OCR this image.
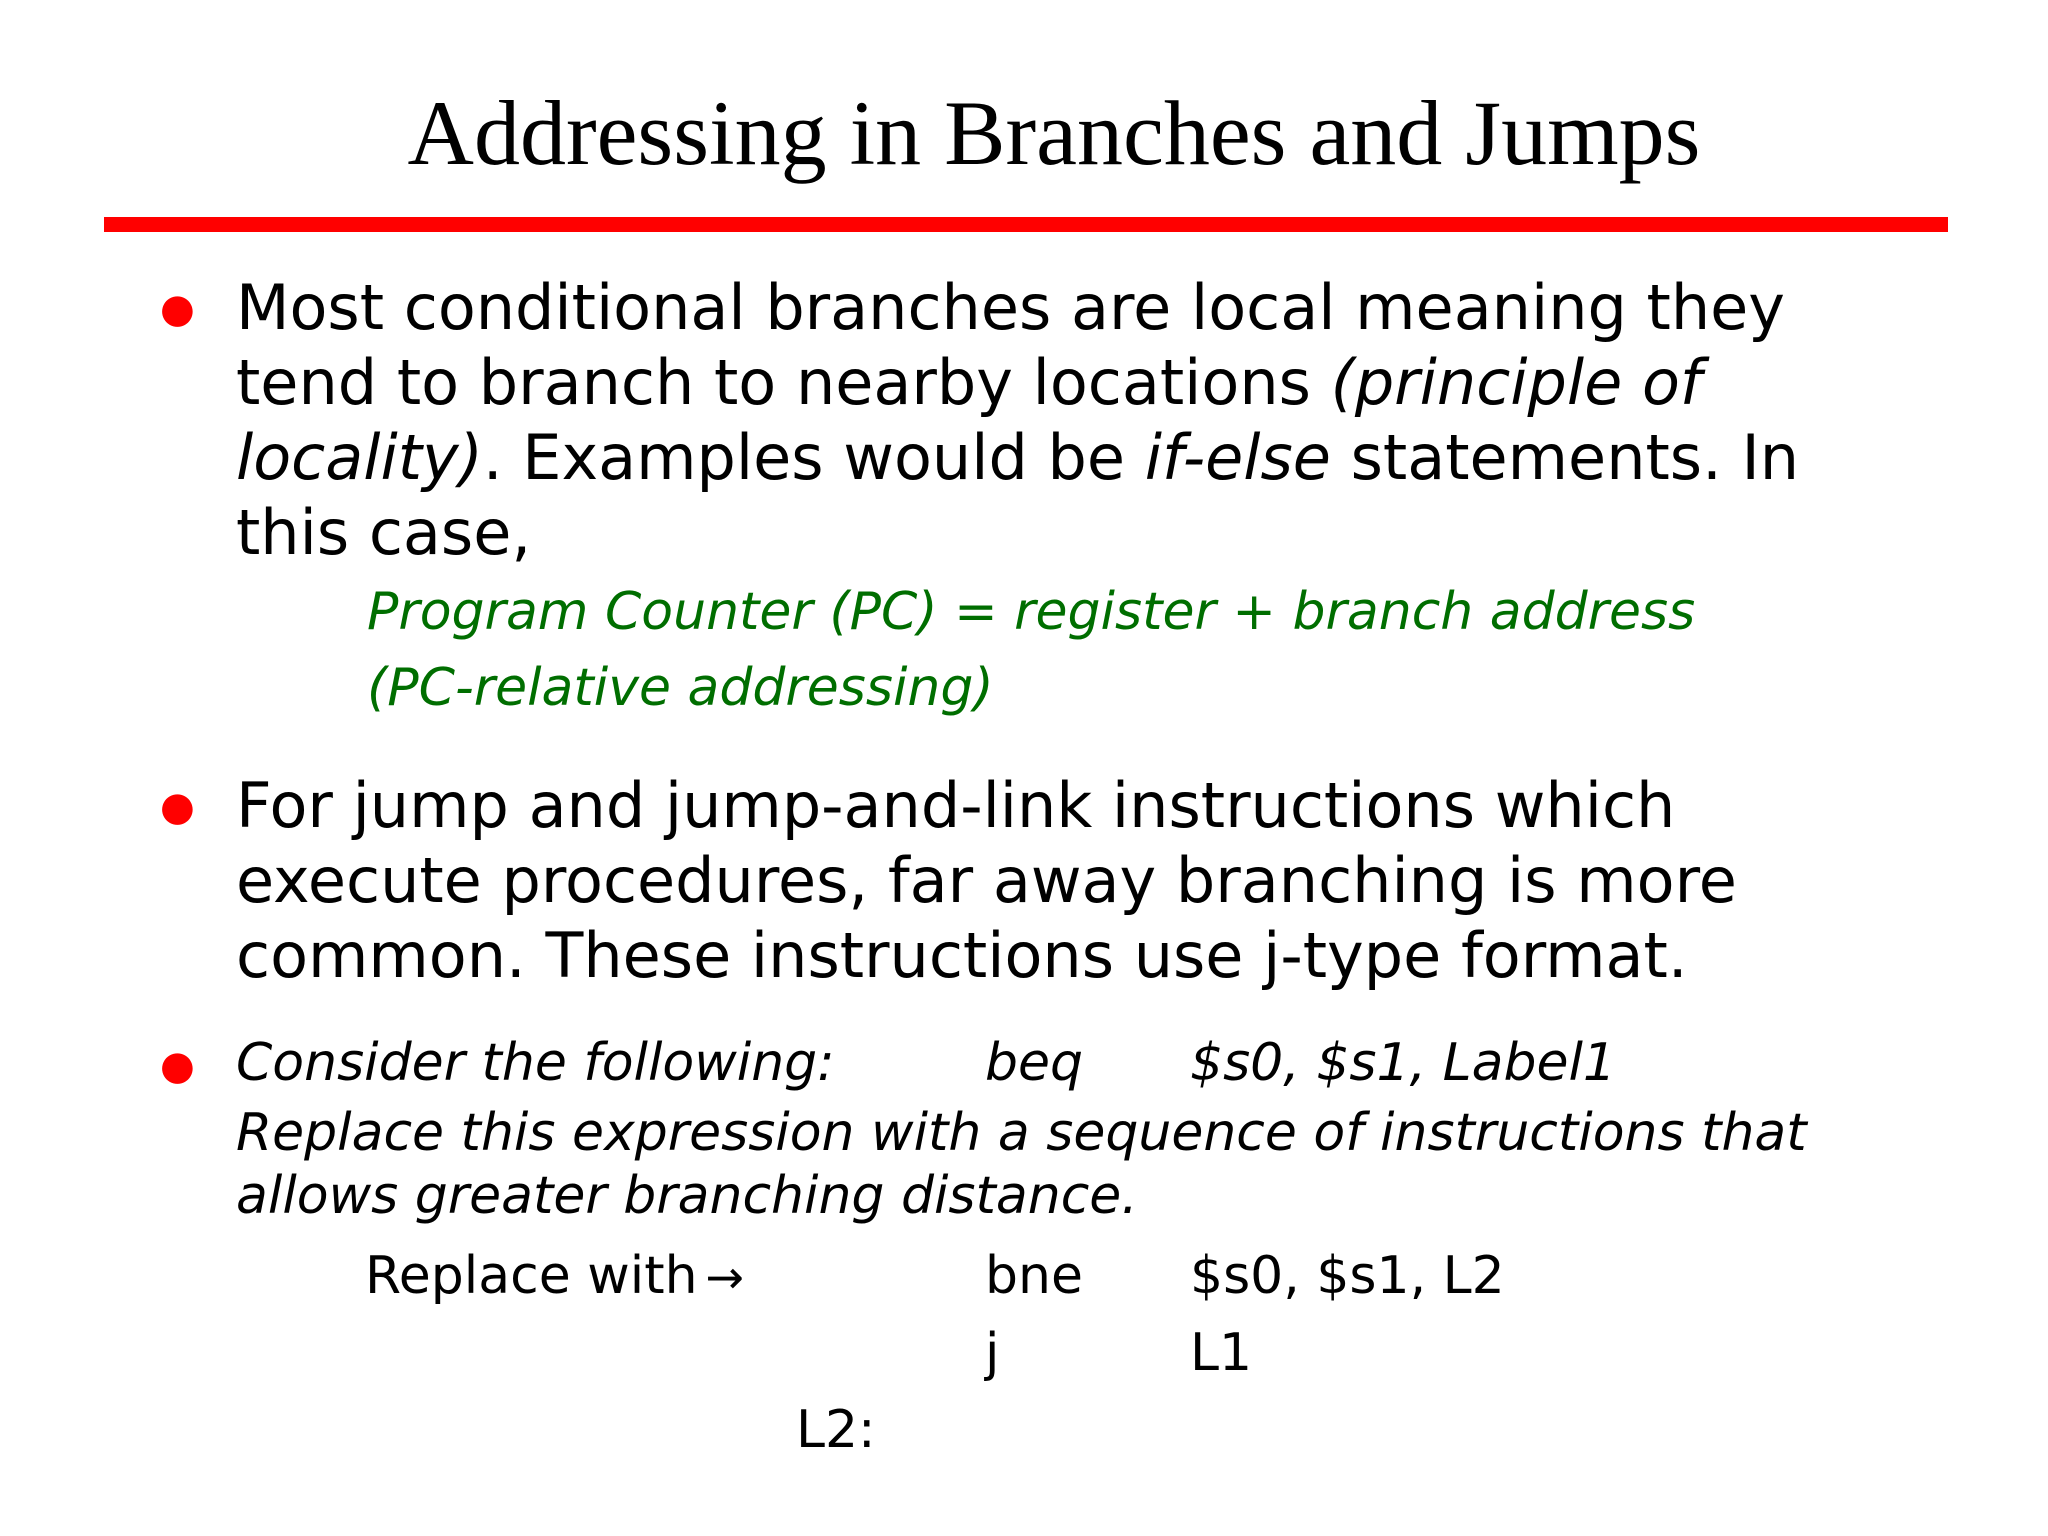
Addressing in Branches and Jumps
● Most conditional branches are local meaning they
tend to branch to nearby locations (principle of
locality). Examples would be if-else statements. In
this case,
Program Counter (PC) = register + branch address
(PC-relative addressing)
● For jump and jump-and-link instructions which
execute procedures, far away branching is more
common. These instructions use j-type format.
● Consider the following:	beq $s0, $s1, Label1
Replace this expression with a sequence of instructions that
allows greater branching distance.
Replace with →	bne $s0, $s1, L2
j	L1
L2:
